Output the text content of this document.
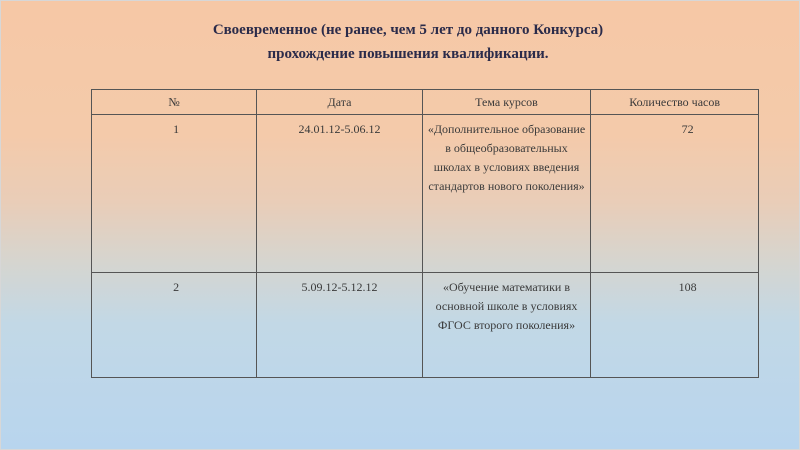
Своевременное (не ранее, чем 5 лет до данного Конкурса)
прохождение повышения квалификации.
№	Дата	Тема курсов	Количество часов
1	24.01.12-5.06.12	«Дополнительное образование в общеобразовательных школах в условиях введения стандартов нового поколения»	72
2	5.09.12-5.12.12	«Обучение математики в основной школе в условиях ФГОС второго поколения»	108
